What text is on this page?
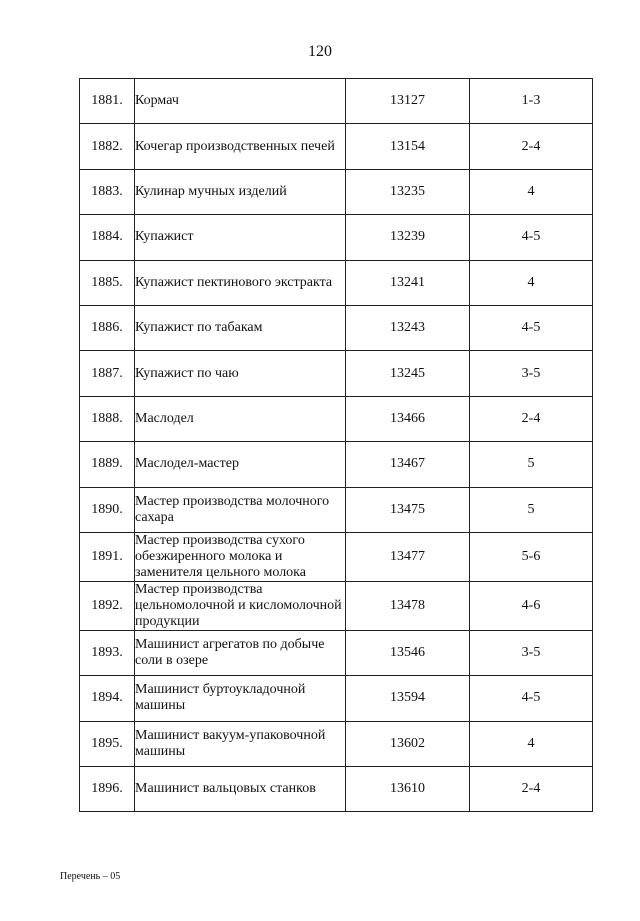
120
1881.	Кормач	13127	1-3
1882.	Кочегар производственных печей	13154	2-4
1883.	Кулинар мучных изделий	13235	4
1884.	Купажист	13239	4-5
1885.	Купажист пектинового экстракта	13241	4
1886.	Купажист по табакам	13243	4-5
1887.	Купажист по чаю	13245	3-5
1888.	Маслодел	13466	2-4
1889.	Маслодел-мастер	13467	5
1890.	Мастер производства молочного сахара	13475	5
1891.	Мастер производства сухого обезжиренного молока и заменителя цельного молока	13477	5-6
1892.	Мастер производства цельномолочной и кисломолочной продукции	13478	4-6
1893.	Машинист агрегатов по добыче соли в озере	13546	3-5
1894.	Машинист буртоукладочной машины	13594	4-5
1895.	Машинист вакуум-упаковочной машины	13602	4
1896.	Машинист вальцовых станков	13610	2-4
Перечень – 05
